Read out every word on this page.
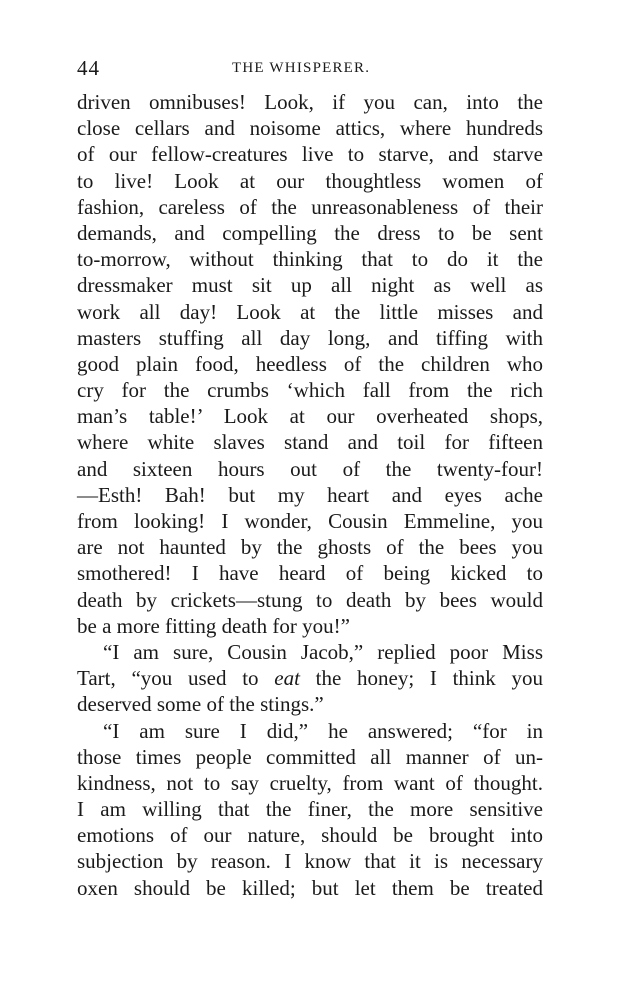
44	THE WHISPERER.
driven omnibuses! Look, if you can, into the
close cellars and noisome attics, where hundreds
of our fellow-creatures live to starve, and starve
to live! Look at our thoughtless women of
fashion, careless of the unreasonableness of their
demands, and compelling the dress to be sent
to-morrow, without thinking that to do it the
dressmaker must sit up all night as well as
work all day! Look at the little misses and
masters stuffing all day long, and tiffing with
good plain food, heedless of the children who
cry for the crumbs ‘which fall from the rich
man’s table!’ Look at our overheated shops,
where white slaves stand and toil for fifteen
and sixteen hours out of the twenty-four!
—Esth! Bah! but my heart and eyes ache
from looking! I wonder, Cousin Emmeline, you
are not haunted by the ghosts of the bees you
smothered! I have heard of being kicked to
death by crickets—stung to death by bees would
be a more fitting death for you!”
“I am sure, Cousin Jacob,” replied poor Miss
Tart, “you used to eat the honey; I think you
deserved some of the stings.”
“I am sure I did,” he answered; “for in
those times people committed all manner of un-
kindness, not to say cruelty, from want of thought.
I am willing that the finer, the more sensitive
emotions of our nature, should be brought into
subjection by reason. I know that it is necessary
oxen should be killed; but let them be treated
